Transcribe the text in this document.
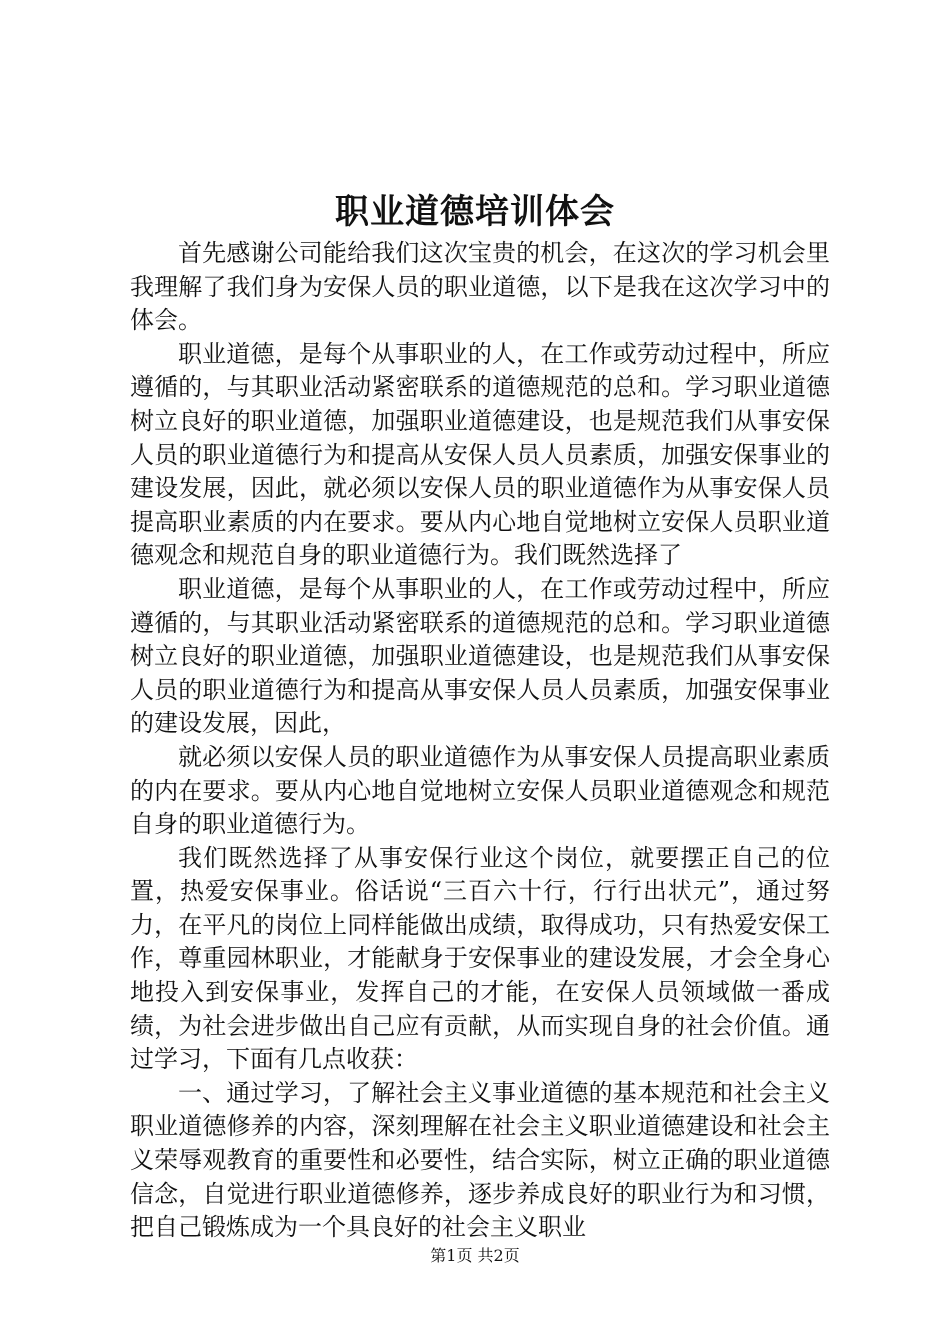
职业道德培训体会

首先感谢公司能给我们这次宝贵的机会，在这次的学习机会里我理解了我们身为安保人员的职业道德，以下是我在这次学习中的体会。

职业道德，是每个从事职业的人，在工作或劳动过程中，所应遵循的，与其职业活动紧密联系的道德规范的总和。学习职业道德树立良好的职业道德，加强职业道德建设，也是规范我们从事安保人员的职业道德行为和提高从安保人员人员素质，加强安保事业的建设发展，因此，就必须以安保人员的职业道德作为从事安保人员提高职业素质的内在要求。要从内心地自觉地树立安保人员职业道德观念和规范自身的职业道德行为。我们既然选择了

职业道德，是每个从事职业的人，在工作或劳动过程中，所应遵循的，与其职业活动紧密联系的道德规范的总和。学习职业道德树立良好的职业道德，加强职业道德建设，也是规范我们从事安保人员的职业道德行为和提高从事安保人员人员素质，加强安保事业的建设发展，因此，

就必须以安保人员的职业道德作为从事安保人员提高职业素质的内在要求。要从内心地自觉地树立安保人员职业道德观念和规范自身的职业道德行为。

我们既然选择了从事安保行业这个岗位，就要摆正自己的位置，热爱安保事业。俗话说“三百六十行，行行出状元”，通过努力，在平凡的岗位上同样能做出成绩，取得成功，只有热爱安保工作，尊重园林职业，才能献身于安保事业的建设发展，才会全身心地投入到安保事业，发挥自己的才能，在安保人员领域做一番成绩，为社会进步做出自己应有贡献，从而实现自身的社会价值。通过学习，下面有几点收获：

一、通过学习，了解社会主义事业道德的基本规范和社会主义职业道德修养的内容，深刻理解在社会主义职业道德建设和社会主义荣辱观教育的重要性和必要性，结合实际，树立正确的职业道德信念，自觉进行职业道德修养，逐步养成良好的职业行为和习惯，把自己锻炼成为一个具良好的社会主义职业

第1页 共2页
